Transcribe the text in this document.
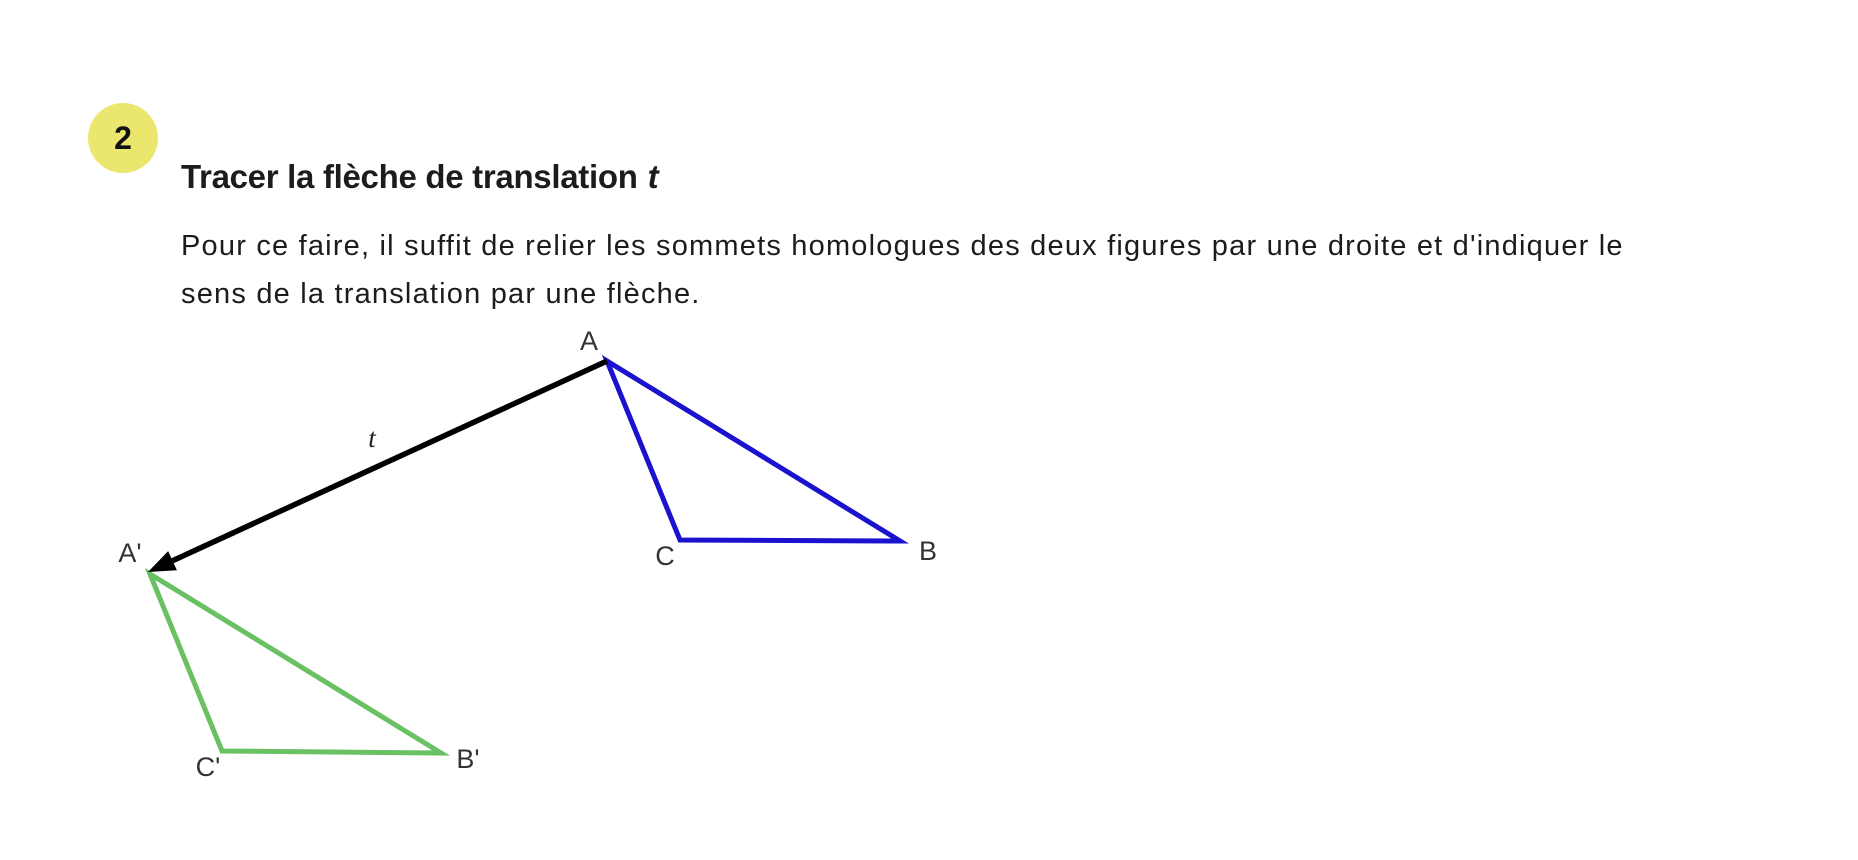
2
Tracer la flèche de translation t
Pour ce faire, il suffit de relier les sommets homologues des deux figures par une droite et d'indiquer le
sens de la translation par une flèche.
A
B
C
A'
B'
C'
t
